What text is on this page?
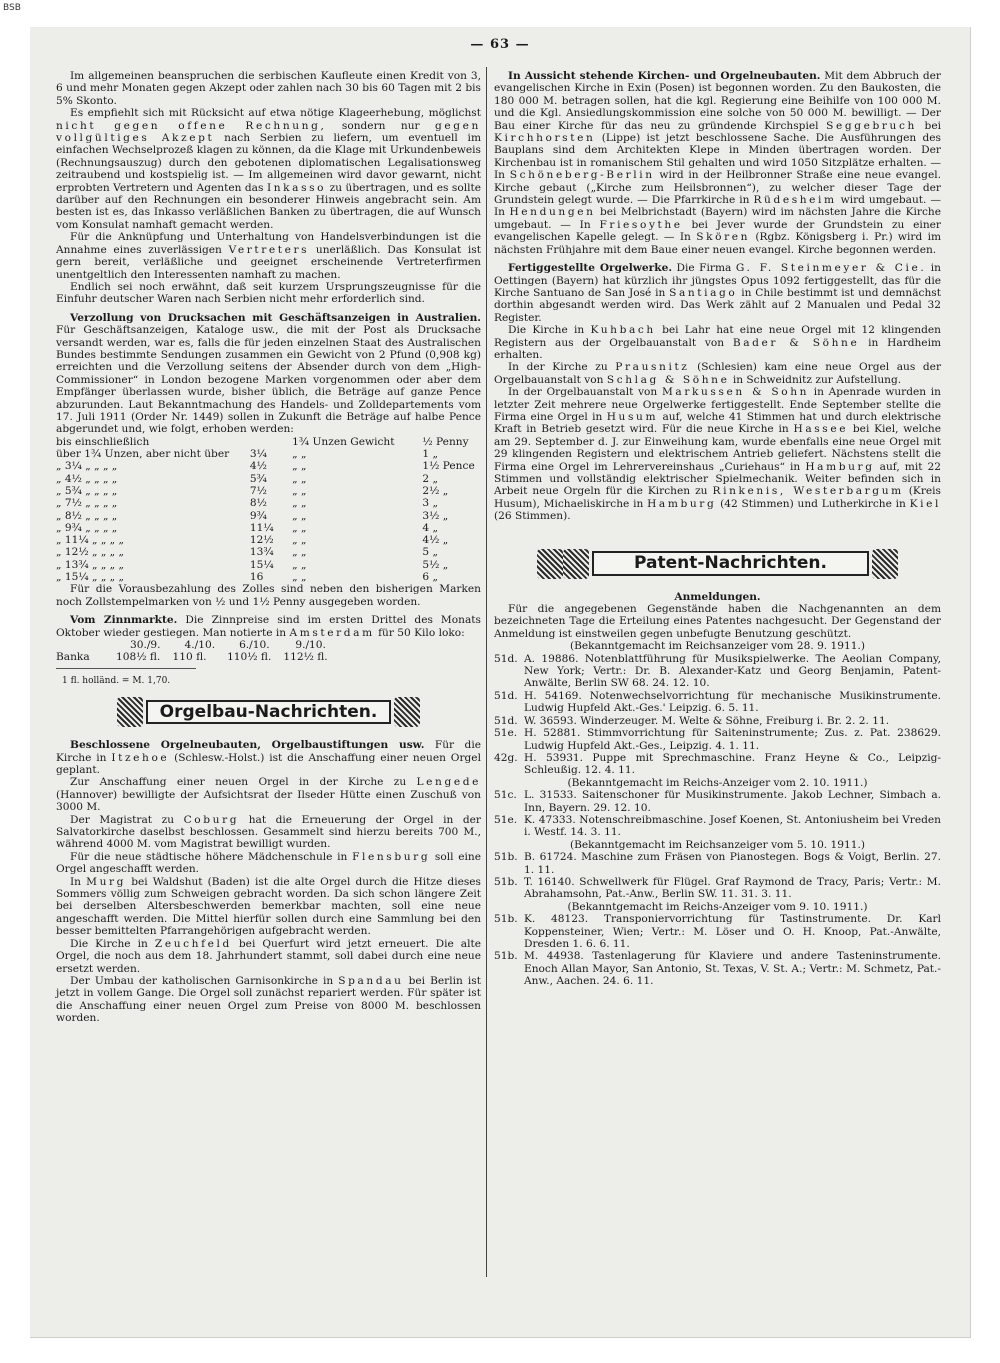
BSB
— 63 —

Im allgemeinen beanspruchen die serbischen Kaufleute einen Kredit von 3, 6 und mehr Monaten gegen Akzept oder zahlen nach 30 bis 60 Tagen mit 2 bis 5% Skonto.

Es empfiehlt sich mit Rücksicht auf etwa nötige Klageerhebung, möglichst nicht gegen offene Rechnung, sondern nur gegen vollgültiges Akzept nach Serbien zu liefern, um eventuell im einfachen Wechselprozeß klagen zu können, da die Klage mit Urkundenbeweis (Rechnungsauszug) durch den gebotenen diplomatischen Legalisationsweg zeitraubend und kostspielig ist. — Im allgemeinen wird davor gewarnt, nicht erprobten Vertretern und Agenten das Inkasso zu übertragen, und es sollte darüber auf den Rechnungen ein besonderer Hinweis angebracht sein. Am besten ist es, das Inkasso verläßlichen Banken zu übertragen, die auf Wunsch vom Konsulat namhaft gemacht werden.

Für die Anknüpfung und Unterhaltung von Handelsverbindungen ist die Annahme eines zuverlässigen Vertreters unerläßlich. Das Konsulat ist gern bereit, verläßliche und geeignet erscheinende Vertreterfirmen unentgeltlich den Interessenten namhaft zu machen.

Endlich sei noch erwähnt, daß seit kurzem Ursprungszeugnisse für die Einfuhr deutscher Waren nach Serbien nicht mehr erforderlich sind.

Verzollung von Drucksachen mit Geschäftsanzeigen in Australien. Für Geschäftsanzeigen, Kataloge usw., die mit der Post als Drucksache versandt werden, war es, falls die für jeden einzelnen Staat des Australischen Bundes bestimmte Sendungen zusammen ein Gewicht von 2 Pfund (0,908 kg) erreichten und die Verzollung seitens der Absender durch von dem „High-Commissioner“ in London bezogene Marken vorgenommen oder aber dem Empfänger überlassen wurde, bisher üblich, die Beträge auf ganze Pence abzurunden. Laut Bekanntmachung des Handels- und Zolldepartements vom 17. Juli 1911 (Order Nr. 1449) sollen in Zukunft die Beträge auf halbe Pence abgerundet und, wie folgt, erhoben werden:

bis einschließlich		1¾ Unzen Gewicht	½ Penny
über 1¾ Unzen, aber nicht über	3¼	„ „	1 „
„ 3¼ „ „ „ „	4½	„ „	1½ Pence
„ 4½ „ „ „ „	5¾	„ „	2 „
„ 5¾ „ „ „ „	7½	„ „	2½ „
„ 7½ „ „ „ „	8½	„ „	3 „
„ 8½ „ „ „ „	9¾	„ „	3½ „
„ 9¾ „ „ „ „	11¼	„ „	4 „
„ 11¼ „ „ „ „	12½	„ „	4½ „
„ 12½ „ „ „ „	13¾	„ „	5 „
„ 13¾ „ „ „ „	15¼	„ „	5½ „
„ 15¼ „ „ „ „	16	„ „	6 „

Für die Vorausbezahlung des Zolles sind neben den bisherigen Marken noch Zollstempelmarken von ½ und 1½ Penny ausgegeben worden.

Vom Zinnmarkte. Die Zinnpreise sind im ersten Drittel des Monats Oktober wieder gestiegen. Man notierte in Amsterdam für 50 Kilo loko:

	30./9.	4./10.	6./10.	9./10.
Banka	108½ fl.	110 fl.	110½ fl.	112½ fl.

1 fl. holländ. = M. 1,70.

Orgelbau-Nachrichten.

Beschlossene Orgelneubauten, Orgelbaustiftungen usw. Für die Kirche in Itzehoe (Schlesw.-Holst.) ist die Anschaffung einer neuen Orgel geplant.

Zur Anschaffung einer neuen Orgel in der Kirche zu Lengede (Hannover) bewilligte der Aufsichtsrat der Ilseder Hütte einen Zuschuß von 3000 M.

Der Magistrat zu Coburg hat die Erneuerung der Orgel in der Salvatorkirche daselbst beschlossen. Gesammelt sind hierzu bereits 700 M., während 4000 M. vom Magistrat bewilligt wurden.

Für die neue städtische höhere Mädchenschule in Flensburg soll eine Orgel angeschafft werden.

In Murg bei Waldshut (Baden) ist die alte Orgel durch die Hitze dieses Sommers völlig zum Schweigen gebracht worden. Da sich schon längere Zeit bei derselben Altersbeschwerden bemerkbar machten, soll eine neue angeschafft werden. Die Mittel hierfür sollen durch eine Sammlung bei den besser bemittelten Pfarrangehörigen aufgebracht werden.

Die Kirche in Zeuchfeld bei Querfurt wird jetzt erneuert. Die alte Orgel, die noch aus dem 18. Jahrhundert stammt, soll dabei durch eine neue ersetzt werden.

Der Umbau der katholischen Garnisonkirche in Spandau bei Berlin ist jetzt in vollem Gange. Die Orgel soll zunächst repariert werden. Für später ist die Anschaffung einer neuen Orgel zum Preise von 8000 M. beschlossen worden.

In Aussicht stehende Kirchen- und Orgelneubauten. Mit dem Abbruch der evangelischen Kirche in Exin (Posen) ist begonnen worden. Zu den Baukosten, die 180 000 M. betragen sollen, hat die kgl. Regierung eine Beihilfe von 100 000 M. und die Kgl. Ansiedlungskommission eine solche von 50 000 M. bewilligt. — Der Bau einer Kirche für das neu zu gründende Kirchspiel Seggebruch bei Kirchhorsten (Lippe) ist jetzt beschlossene Sache. Die Ausführungen des Bauplans sind dem Architekten Klepe in Minden übertragen worden. Der Kirchenbau ist in romanischem Stil gehalten und wird 1050 Sitzplätze erhalten. — In Schöneberg-Berlin wird in der Heilbronner Straße eine neue evangel. Kirche gebaut („Kirche zum Heilsbronnen“), zu welcher dieser Tage der Grundstein gelegt wurde. — Die Pfarrkirche in Rüdesheim wird umgebaut. — In Hendungen bei Melbrichstadt (Bayern) wird im nächsten Jahre die Kirche umgebaut. — In Friesoythe bei Jever wurde der Grundstein zu einer evangelischen Kapelle gelegt. — In Skören (Rgbz. Königsberg i. Pr.) wird im nächsten Frühjahre mit dem Baue einer neuen evangel. Kirche begonnen werden.

Fertiggestellte Orgelwerke. Die Firma G. F. Steinmeyer & Cie. in Oettingen (Bayern) hat kürzlich ihr jüngstes Opus 1092 fertiggestellt, das für die Kirche Santuano de San José in Santiago in Chile bestimmt ist und demnächst dorthin abgesandt werden wird. Das Werk zählt auf 2 Manualen und Pedal 32 Register.

Die Kirche in Kuhbach bei Lahr hat eine neue Orgel mit 12 klingenden Registern aus der Orgelbauanstalt von Bader & Söhne in Hardheim erhalten.

In der Kirche zu Prausnitz (Schlesien) kam eine neue Orgel aus der Orgelbauanstalt von Schlag & Söhne in Schweidnitz zur Aufstellung.

In der Orgelbauanstalt von Markussen & Sohn in Apenrade wurden in letzter Zeit mehrere neue Orgelwerke fertiggestellt. Ende September stellte die Firma eine Orgel in Husum auf, welche 41 Stimmen hat und durch elektrische Kraft in Betrieb gesetzt wird. Für die neue Kirche in Hassee bei Kiel, welche am 29. September d. J. zur Einweihung kam, wurde ebenfalls eine neue Orgel mit 29 klingenden Registern und elektrischem Antrieb geliefert. Nächstens stellt die Firma eine Orgel im Lehrervereinshaus „Curiehaus“ in Hamburg auf, mit 22 Stimmen und vollständig elektrischer Spielmechanik. Weiter befinden sich in Arbeit neue Orgeln für die Kirchen zu Rinkenis, Westerbargum (Kreis Husum), Michaeliskirche in Hamburg (42 Stimmen) und Lutherkirche in Kiel (26 Stimmen).

Patent-Nachrichten.

Anmeldungen.

Für die angegebenen Gegenstände haben die Nachgenannten an dem bezeichneten Tage die Erteilung eines Patentes nachgesucht. Der Gegenstand der Anmeldung ist einstweilen gegen unbefugte Benutzung geschützt.

(Bekanntgemacht im Reichsanzeiger vom 28. 9. 1911.)

51d. A. 19886. Notenblattführung für Musikspielwerke. The Aeolian Company, New York; Vertr.: Dr. B. Alexander-Katz und Georg Benjamin, Patent-Anwälte, Berlin SW 68. 24. 12. 10.
51d. H. 54169. Notenwechselvorrichtung für mechanische Musikinstrumente. Ludwig Hupfeld Akt.-Ges.' Leipzig. 6. 5. 11.
51d. W. 36593. Winderzeuger. M. Welte & Söhne, Freiburg i. Br. 2. 2. 11.
51e. H. 52881. Stimmvorrichtung für Saiteninstrumente; Zus. z. Pat. 238629. Ludwig Hupfeld Akt.-Ges., Leipzig. 4. 1. 11.
42g. H. 53931. Puppe mit Sprechmaschine. Franz Heyne & Co., Leipzig-Schleußig. 12. 4. 11.

(Bekanntgemacht im Reichs-Anzeiger vom 2. 10. 1911.)

51c. L. 31533. Saitenschoner für Musikinstrumente. Jakob Lechner, Simbach a. Inn, Bayern. 29. 12. 10.
51e. K. 47333. Notenschreibmaschine. Josef Koenen, St. Antoniusheim bei Vreden i. Westf. 14. 3. 11.

(Bekanntgemacht im Reichsanzeiger vom 5. 10. 1911.)

51b. B. 61724. Maschine zum Fräsen von Pianostegen. Bogs & Voigt, Berlin. 27. 1. 11.
51b. T. 16140. Schwellwerk für Flügel. Graf Raymond de Tracy, Paris; Vertr.: M. Abrahamsohn, Pat.-Anw., Berlin SW. 11. 31. 3. 11.

(Bekanntgemacht im Reichs-Anzeiger vom 9. 10. 1911.)

51b. K. 48123. Transponiervorrichtung für Tastinstrumente. Dr. Karl Koppensteiner, Wien; Vertr.: M. Löser und O. H. Knoop, Pat.-Anwälte, Dresden 1. 6. 6. 11.
51b. M. 44938. Tastenlagerung für Klaviere und andere Tasteninstrumente. Enoch Allan Mayor, San Antonio, St. Texas, V. St. A.; Vertr.: M. Schmetz, Pat.-Anw., Aachen. 24. 6. 11.
